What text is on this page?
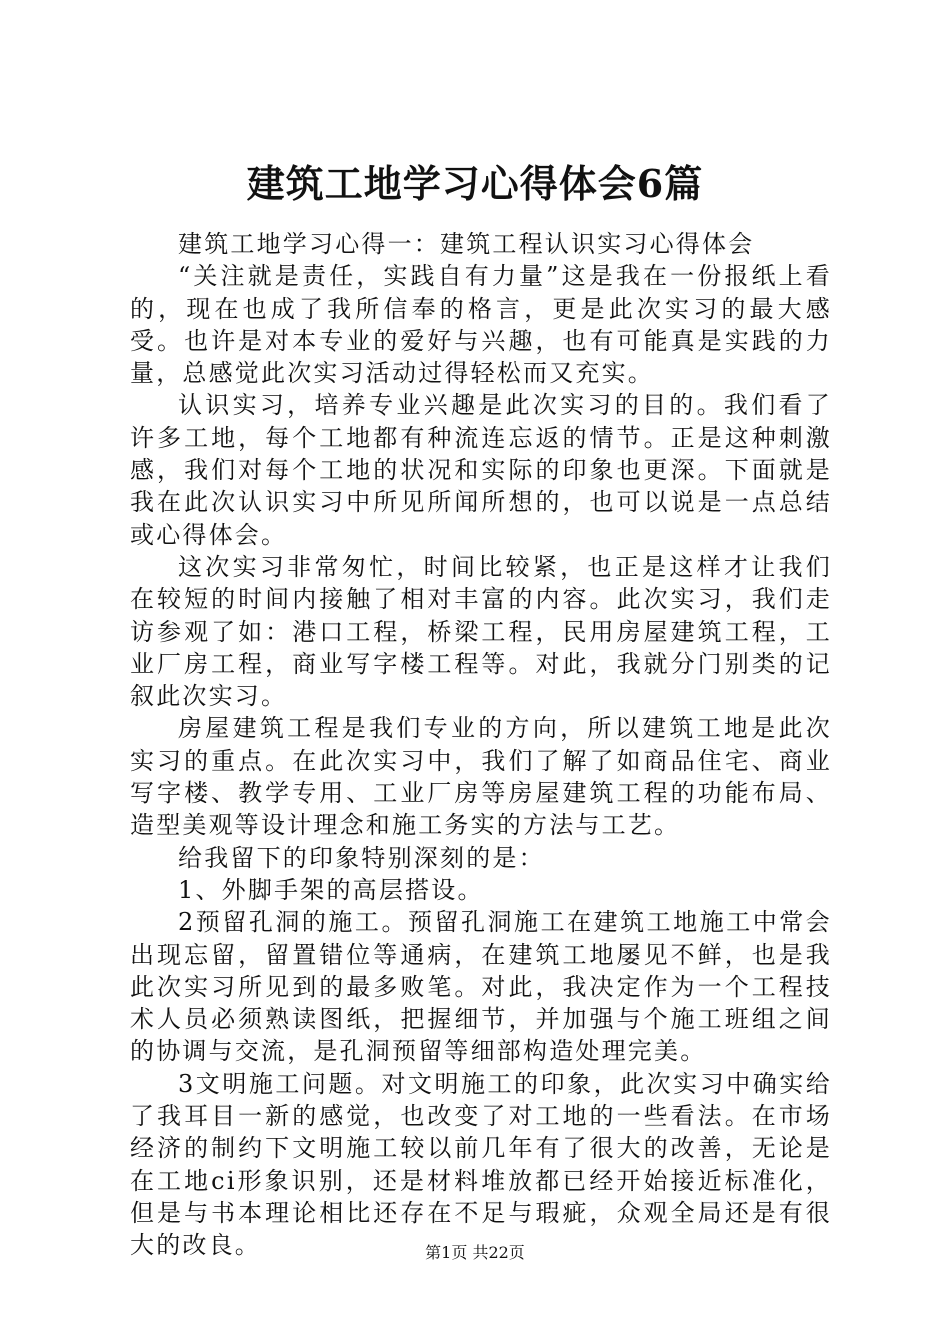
建筑工地学习心得体会6篇

建筑工地学习心得一：建筑工程认识实习心得体会

“关注就是责任，实践自有力量”这是我在一份报纸上看的，现在也成了我所信奉的格言，更是此次实习的最大感受。也许是对本专业的爱好与兴趣，也有可能真是实践的力量，总感觉此次实习活动过得轻松而又充实。

认识实习，培养专业兴趣是此次实习的目的。我们看了许多工地，每个工地都有种流连忘返的情节。正是这种刺激感，我们对每个工地的状况和实际的印象也更深。下面就是我在此次认识实习中所见所闻所想的，也可以说是一点总结或心得体会。

这次实习非常匆忙，时间比较紧，也正是这样才让我们在较短的时间内接触了相对丰富的内容。此次实习，我们走访参观了如：港口工程，桥梁工程，民用房屋建筑工程，工业厂房工程，商业写字楼工程等。对此，我就分门别类的记叙此次实习。

房屋建筑工程是我们专业的方向，所以建筑工地是此次实习的重点。在此次实习中，我们了解了如商品住宅、商业写字楼、教学专用、工业厂房等房屋建筑工程的功能布局、造型美观等设计理念和施工务实的方法与工艺。

给我留下的印象特别深刻的是：

1、外脚手架的高层搭设。

2预留孔洞的施工。预留孔洞施工在建筑工地施工中常会出现忘留，留置错位等通病，在建筑工地屡见不鲜，也是我此次实习所见到的最多败笔。对此，我决定作为一个工程技术人员必须熟读图纸，把握细节，并加强与个施工班组之间的协调与交流，是孔洞预留等细部构造处理完美。

3文明施工问题。对文明施工的印象，此次实习中确实给了我耳目一新的感觉，也改变了对工地的一些看法。在市场经济的制约下文明施工较以前几年有了很大的改善，无论是在工地ci形象识别，还是材料堆放都已经开始接近标准化，但是与书本理论相比还存在不足与瑕疵，众观全局还是有很大的改良。	第1页 共22页
